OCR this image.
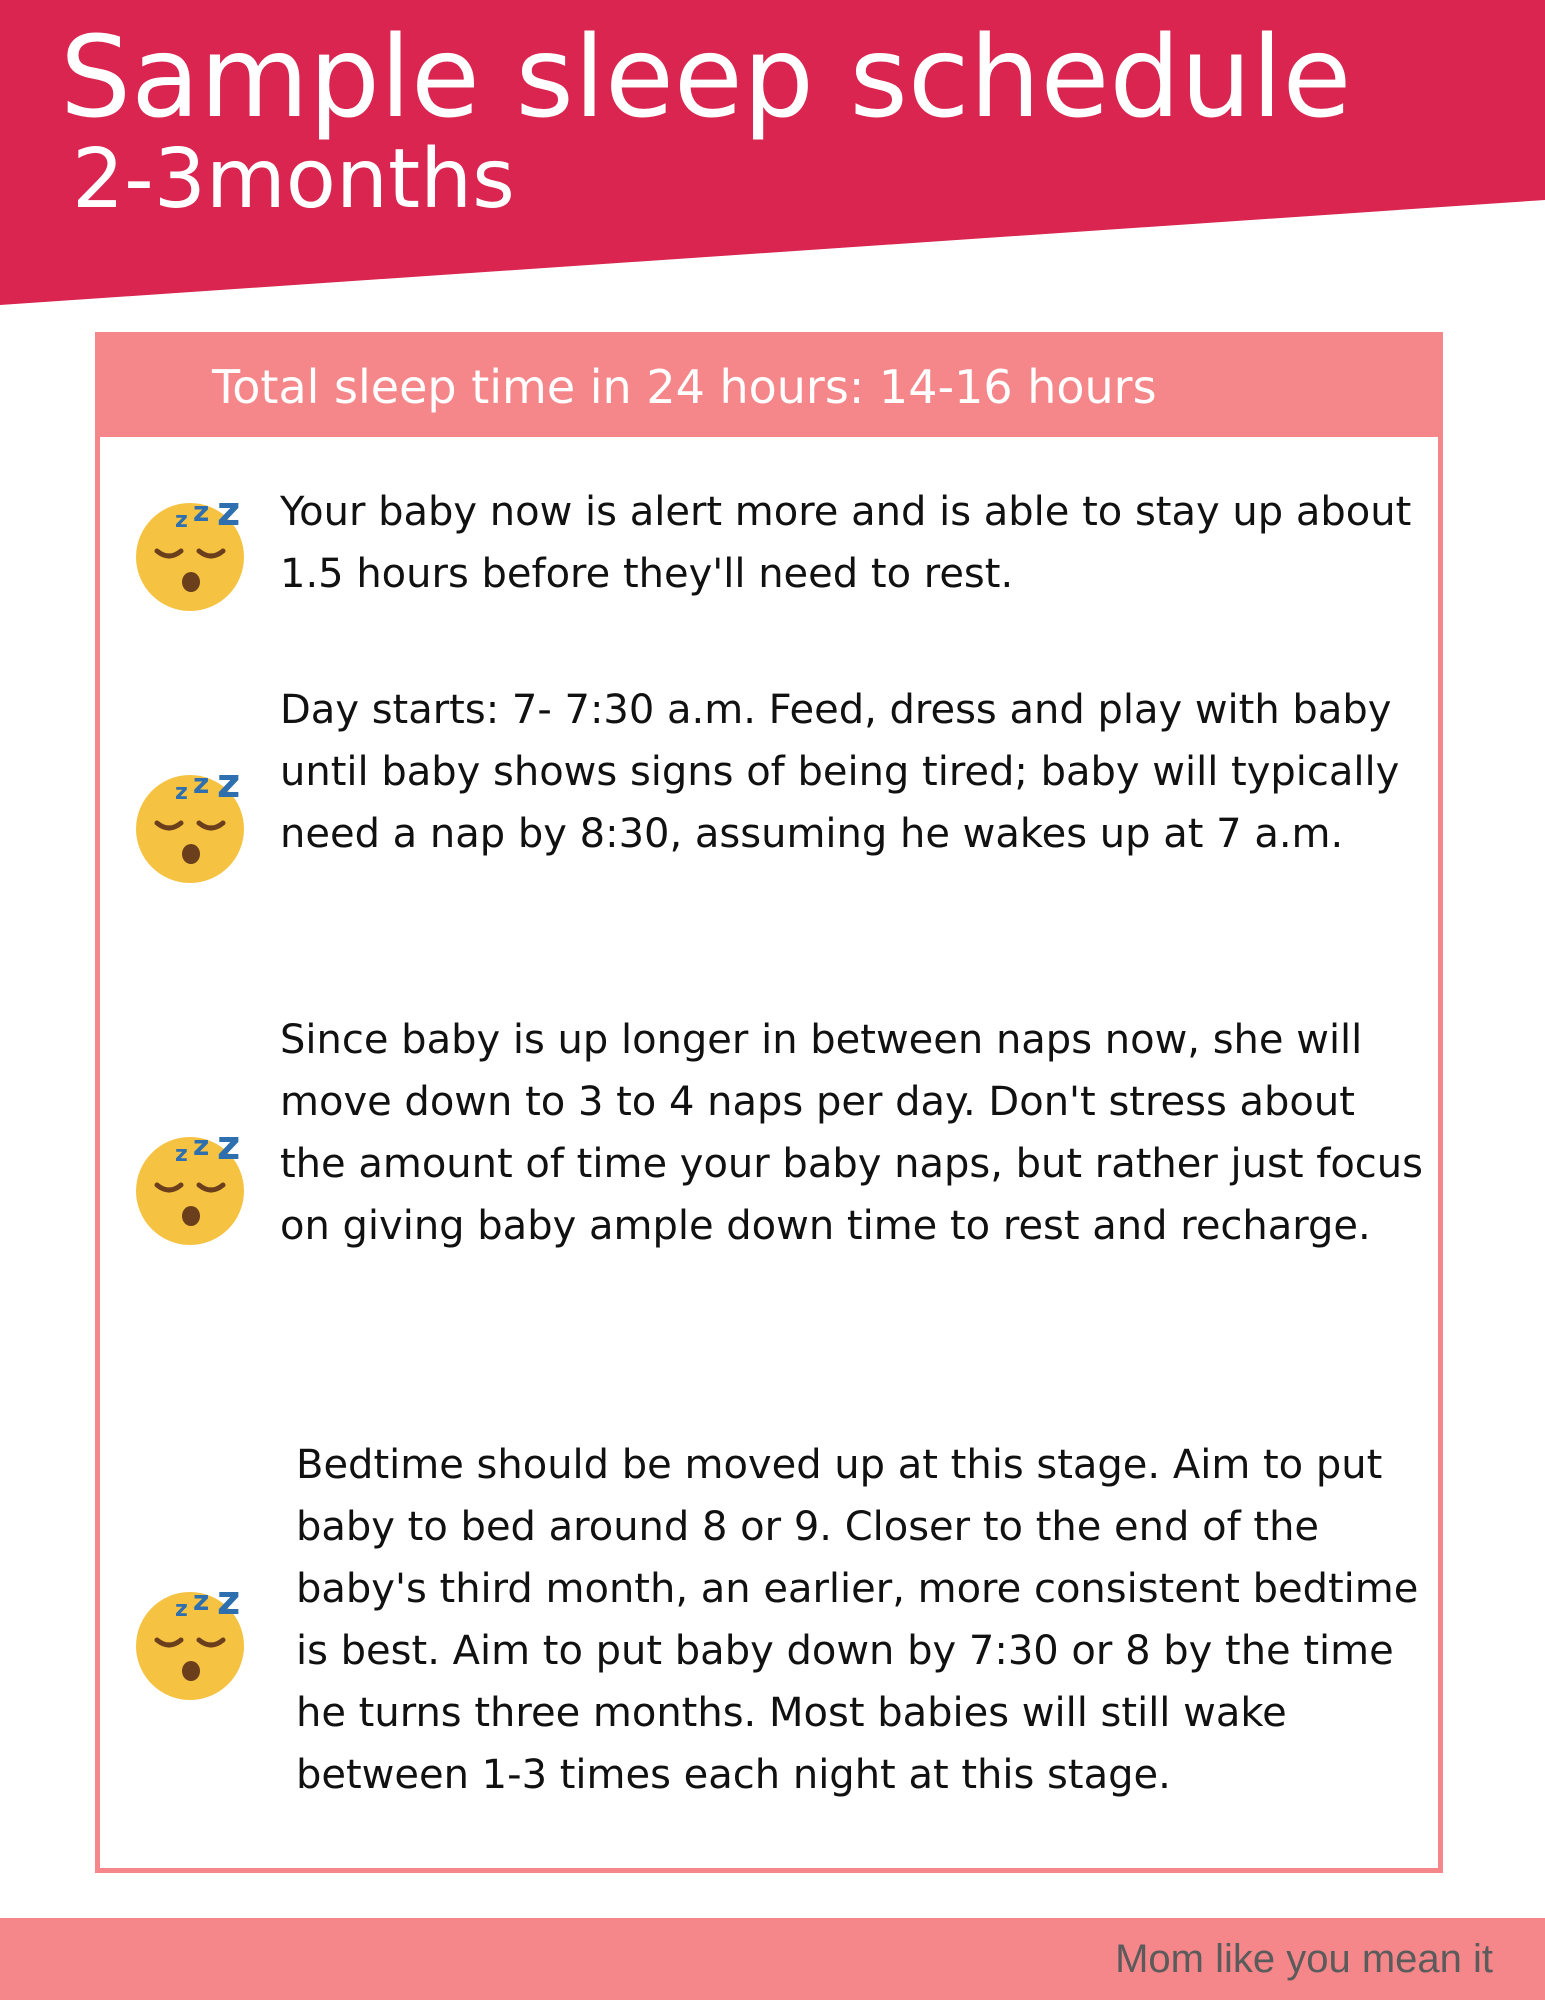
Sample sleep schedule
2-3months
Total sleep time in 24 hours: 14-16 hours
z z z Your baby now is alert more and is able to stay up about 1.5 hours before they'll need to rest.

z z z

Day starts: 7- 7:30 a.m. Feed, dress and play with baby until baby shows signs of being tired; baby will typically need a nap by 8:30, assuming he wakes up at 7 a.m.

z z z

Since baby is up longer in between naps now, she will move down to 3 to 4 naps per day. Don't stress about the amount of time your baby naps, but rather just focus on giving baby ample down time to rest and recharge.

z z z

Bedtime should be moved up at this stage. Aim to put baby to bed around 8 or 9. Closer to the end of the baby's third month, an earlier, more consistent bedtime is best. Aim to put baby down by 7:30 or 8 by the time he turns three months. Most babies will still wake between 1-3 times each night at this stage.

Mom like you mean it
